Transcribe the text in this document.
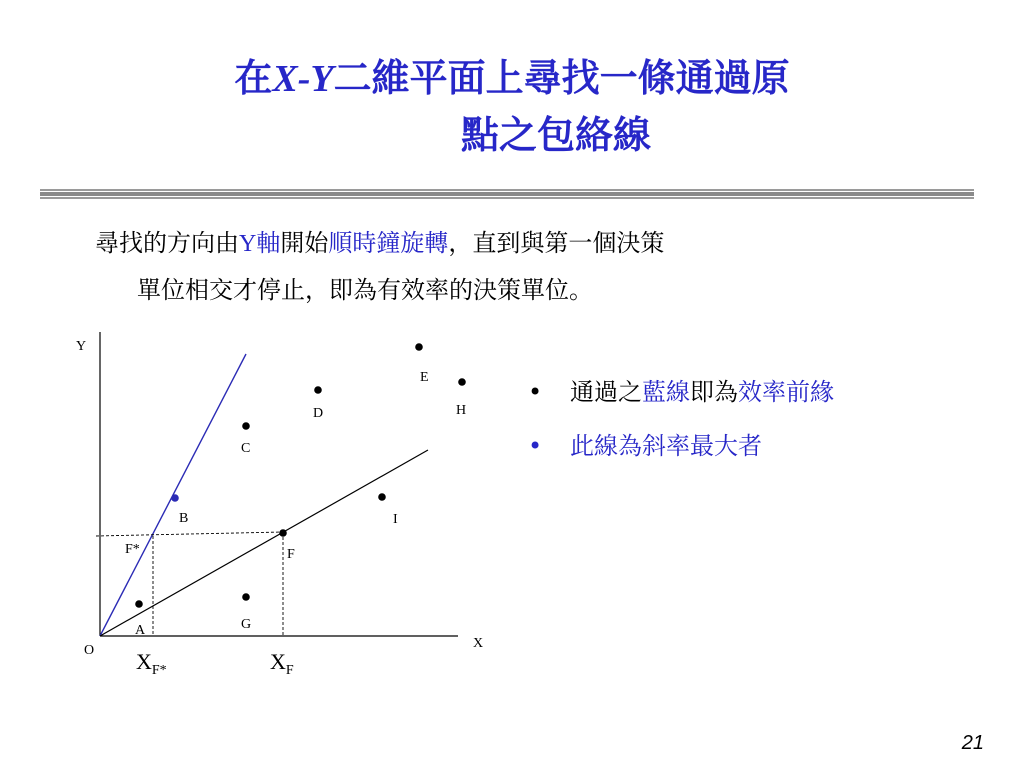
在X-Y二維平面上尋找一條通過原
點之包絡線
尋找的方向由Y軸開始順時鐘旋轉，直到與第一個決策
單位相交才停止，即為有效率的決策單位。
• 通過之藍線即為效率前緣
• 此線為斜率最大者
A
B
C
D
E
F
G
H
I
Y
X
O
F*
$X_{F*}$	$X_F$
21
